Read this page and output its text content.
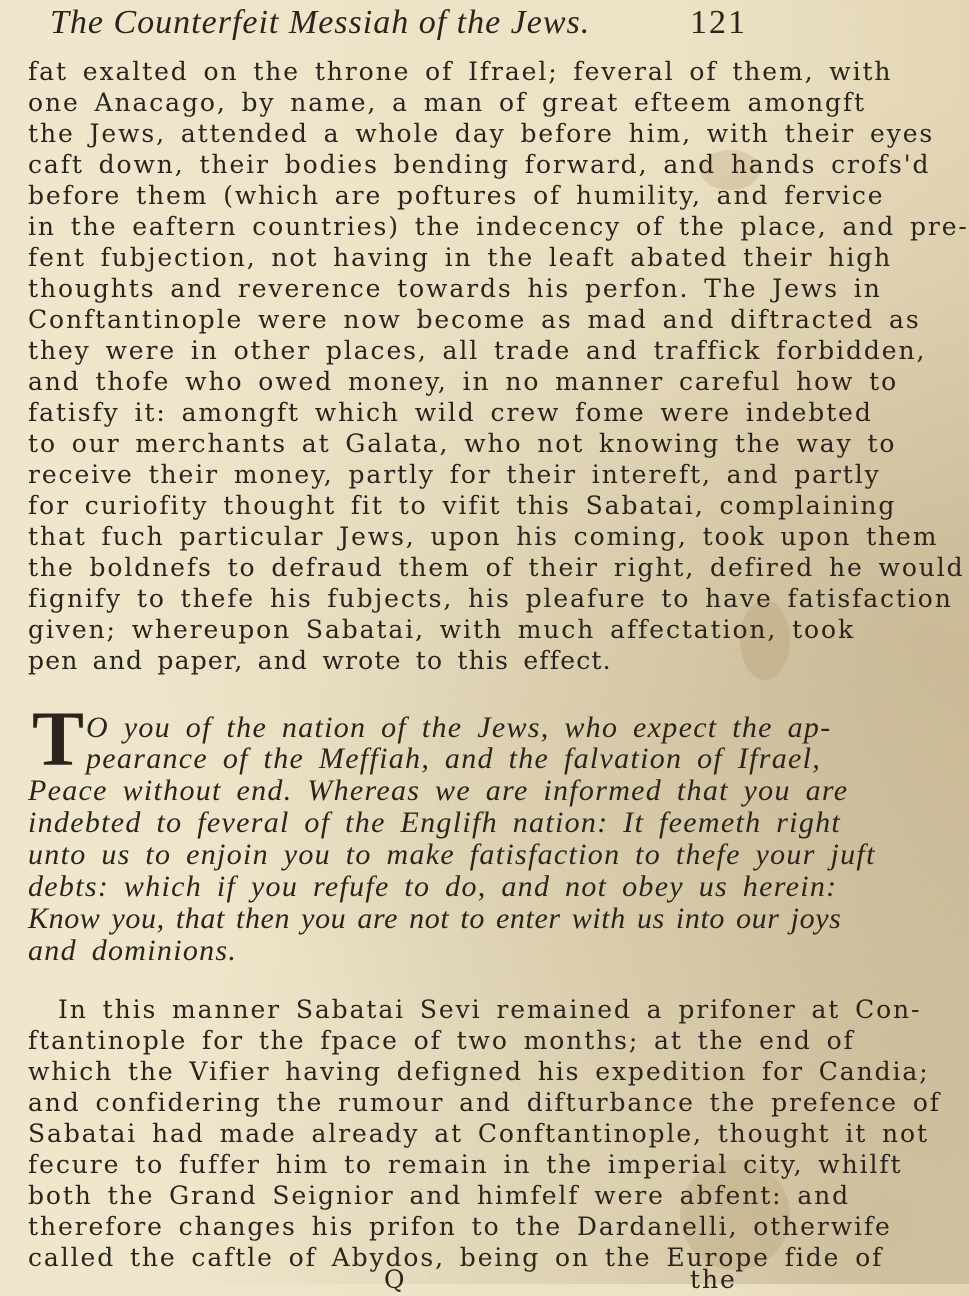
The Counterfeit Messiah of the Jews.	121
fat exalted on the throne of Ifrael; feveral of them, with
one Anacago, by name, a man of great efteem amongft
the Jews, attended a whole day before him, with their eyes
caft down, their bodies bending forward, and hands crofs'd
before them (which are poftures of humility, and fervice
in the eaftern countries) the indecency of the place, and pre-
fent fubjection, not having in the leaft abated their high
thoughts and reverence towards his perfon. The Jews in
Conftantinople were now become as mad and diftracted as
they were in other places, all trade and traffick forbidden,
and thofe who owed money, in no manner careful how to
fatisfy it: amongft which wild crew fome were indebted
to our merchants at Galata, who not knowing the way to
receive their money, partly for their intereft, and partly
for curiofity thought fit to vifit this Sabatai, complaining
that fuch particular Jews, upon his coming, took upon them
the boldnefs to defraud them of their right, defired he would
fignify to thefe his fubjects, his pleafure to have fatisfaction
given; whereupon Sabatai, with much affectation, took
pen and paper, and wrote to this effect.
T O you of the nation of the Jews, who expect the ap-
pearance of the Meffiah, and the falvation of Ifrael,
Peace without end. Whereas we are informed that you are
indebted to feveral of the Englifh nation: It feemeth right
unto us to enjoin you to make fatisfaction to thefe your juft
debts: which if you refufe to do, and not obey us herein:
Know you, that then you are not to enter with us into our joys
and dominions.
In this manner Sabatai Sevi remained a prifoner at Con-
ftantinople for the fpace of two months; at the end of
which the Vifier having defigned his expedition for Candia;
and confidering the rumour and difturbance the prefence of
Sabatai had made already at Conftantinople, thought it not
fecure to fuffer him to remain in the imperial city, whilft
both the Grand Seignior and himfelf were abfent: and
therefore changes his prifon to the Dardanelli, otherwife
called the caftle of Abydos, being on the Europe fide of
Q	the
